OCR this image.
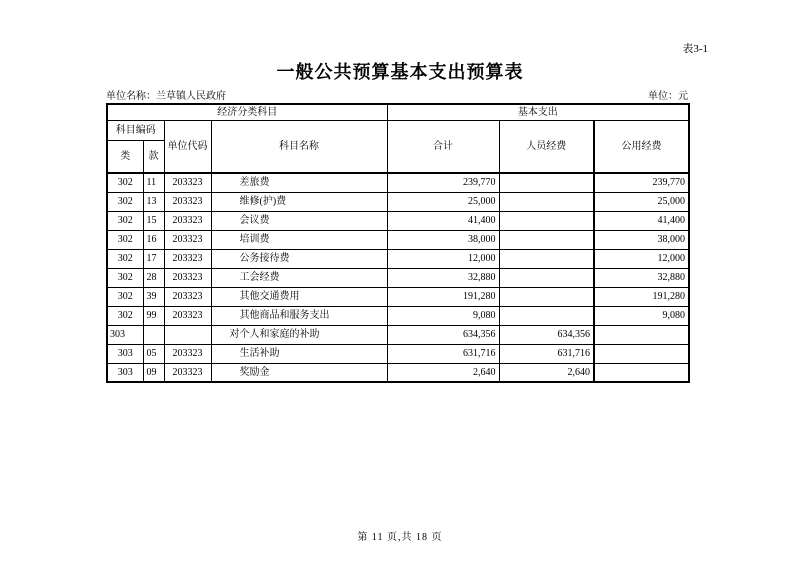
表3-1
一般公共预算基本支出预算表
单位名称：兰草镇人民政府	单位：元
经济分类科目				基本支出		
科目编码		单位代码	科目名称	合计	人员经费	公用经费
类	款					
302	11	203323	差旅费	239,770		239,770
302	13	203323	维修(护)费	25,000		25,000
302	15	203323	会议费	41,400		41,400
302	16	203323	培训费	38,000		38,000
302	17	203323	公务接待费	12,000		12,000
302	28	203323	工会经费	32,880		32,880
302	39	203323	其他交通费用	191,280		191,280
302	99	203323	其他商品和服务支出	9,080		9,080
303			对个人和家庭的补助	634,356	634,356	
303	05	203323	生活补助	631,716	631,716	
303	09	203323	奖励金	2,640	2,640	
第 11 页,共 18 页
